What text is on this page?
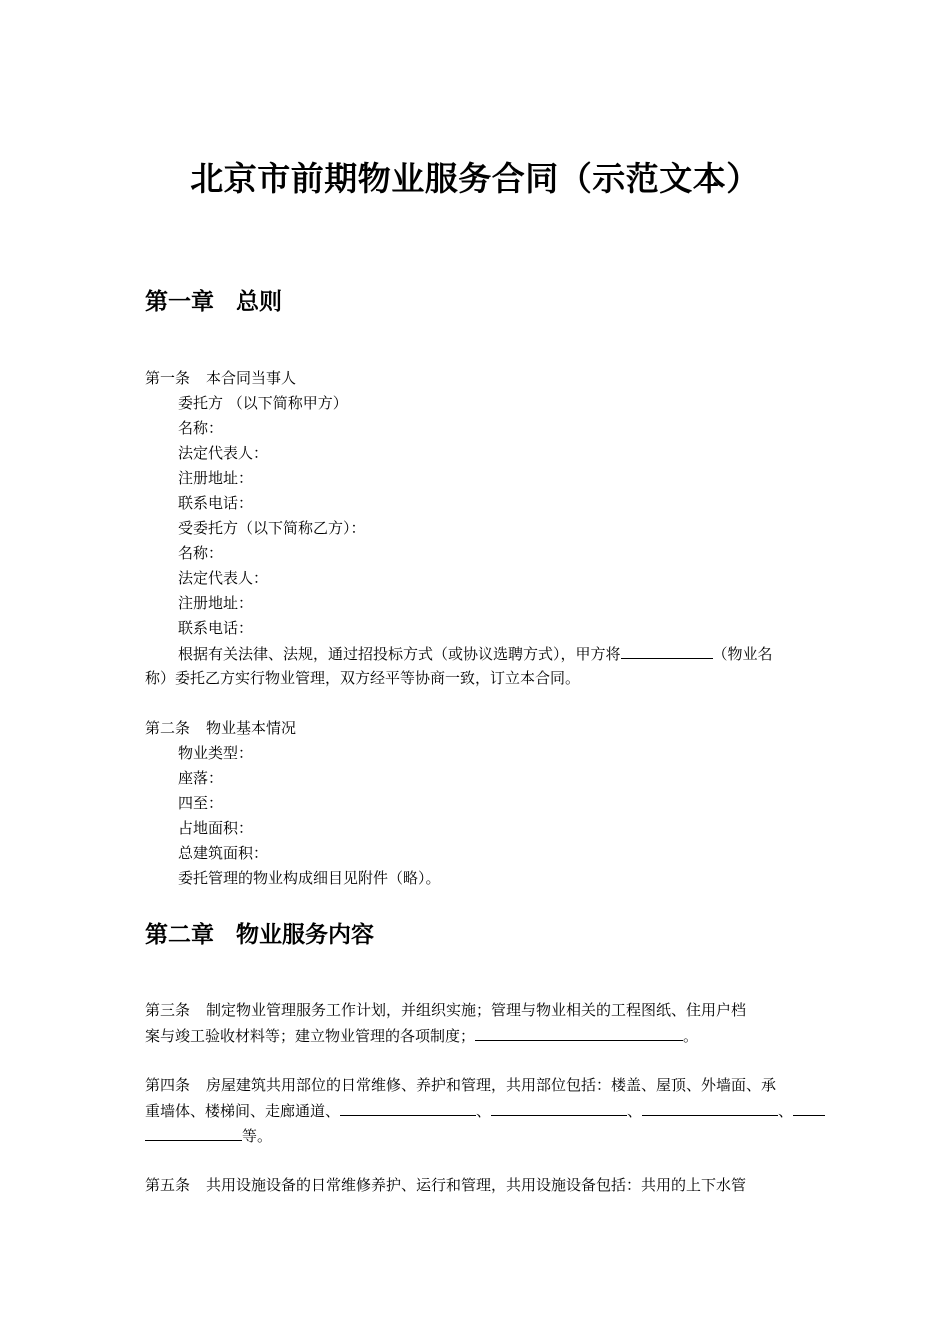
北京市前期物业服务合同（示范文本）
第一章 总则
第一条 本合同当事人
委托方 （以下简称甲方）
名称：
法定代表人：
注册地址：
联系电话：
受委托方（以下简称乙方）：
名称：
法定代表人：
注册地址：
联系电话：
根据有关法律、法规，通过招投标方式（或协议选聘方式），甲方将	（物业名
称）委托乙方实行物业管理，双方经平等协商一致，订立本合同。
第二条 物业基本情况
物业类型：
座落：
四至：
占地面积：
总建筑面积：
委托管理的物业构成细目见附件（略）。
第二章 物业服务内容
第三条 制定物业管理服务工作计划，并组织实施；管理与物业相关的工程图纸、住用户档
案与竣工验收材料等；建立物业管理的各项制度；	。
第四条 房屋建筑共用部位的日常维修、养护和管理，共用部位包括：楼盖、屋顶、外墙面、承
重墙体、楼梯间、走廊通道、	、	、	、
等。
第五条 共用设施设备的日常维修养护、运行和管理，共用设施设备包括：共用的上下水管
